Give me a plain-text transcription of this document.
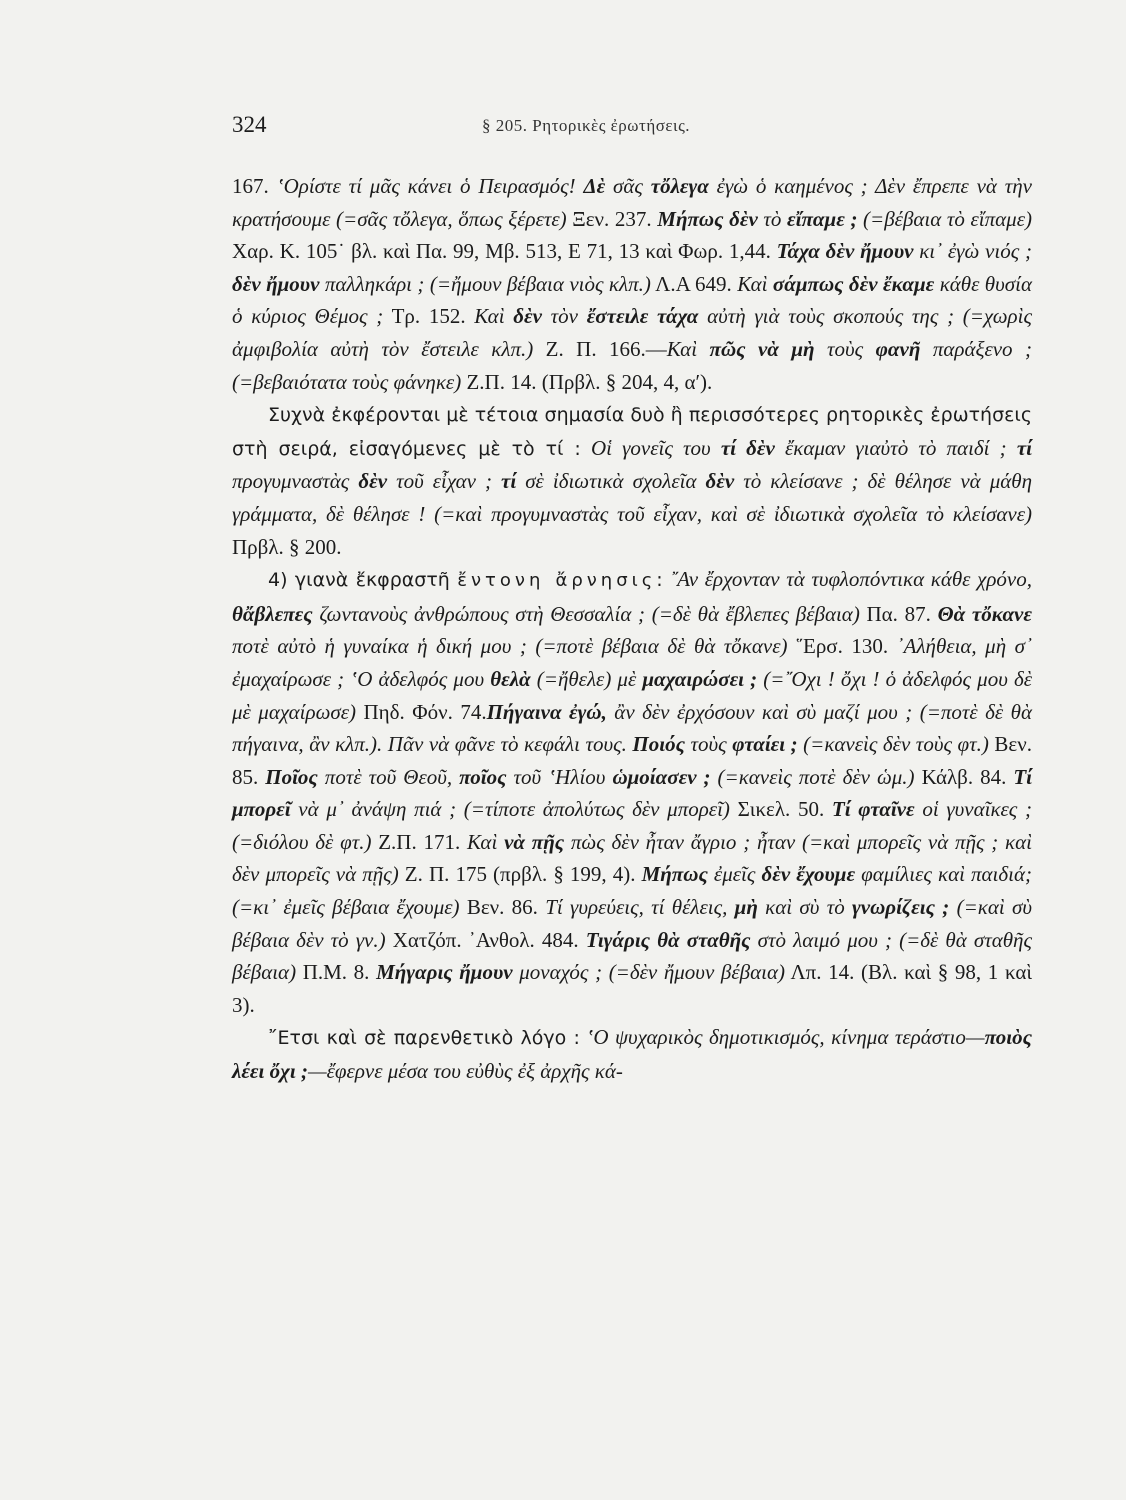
324	§ 205. Ρητορικὲς ἐρωτήσεις.

167. ʽΟρίστε τί μᾶς κάνει ὁ Πειρασμός! Δὲ σᾶς τὄλεγα ἐγὼ ὁ καημένος ; Δὲν ἔπρεπε νὰ τὴν κρατήσουμε (=σᾶς τὄλεγα, ὅπως ξέρετε) Ξεν. 237. Μήπως δὲν τὸ εἴπαμε ; (=βέβαια τὸ εἴπαμε) Χαρ. Κ. 105˙ βλ. καὶ Πα. 99, Μβ. 513, Ε 71, 13 καὶ Φωρ. 1,44. Τάχα δὲν ἤμουν κι᾽ ἐγὼ νιός ; δὲν ἤμουν παλληκάρι ; (=ἤμουν βέβαια νιὸς κλπ.) Λ.Α 649. Καὶ σάμπως δὲν ἔκαμε κάθε θυσία ὁ κύριος Θέμος ; Τρ. 152. Καὶ δὲν τὸν ἔστειλε τάχα αὐτὴ γιὰ τοὺς σκοπούς της ; (=χωρὶς ἀμφιβολία αὐτὴ τὸν ἔστειλε κλπ.) Ζ. Π. 166.—Καὶ πῶς νὰ μὴ τοὺς φανῆ παράξενο ; (=βεβαιότατα τοὺς φάνηκε) Ζ.Π. 14. (Πρβλ. § 204, 4, α′).

Συχνὰ ἐκφέρονται μὲ τέτοια σημασία δυὸ ἢ περισσότερες ρητορικὲς ἐρωτήσεις στὴ σειρά, εἰσαγόμενες μὲ τὸ τί : Οἱ γονεῖς του τί δὲν ἔκαμαν γιαὐτὸ τὸ παιδί ; τί προγυμναστὰς δὲν τοῦ εἶχαν ; τί σὲ ἰδιωτικὰ σχολεῖα δὲν τὸ κλείσανε ; δὲ θέλησε νὰ μάθη γράμματα, δὲ θέλησε ! (=καὶ προγυμναστὰς τοῦ εἶχαν, καὶ σὲ ἰδιωτικὰ σχολεῖα τὸ κλείσανε) Πρβλ. § 200.

4) γιανὰ ἔκφραστῆ ἔντονη ἄρνησις: ῎Αν ἔρχονταν τὰ τυφλοπόντικα κάθε χρόνο, θἄβλεπες ζωντανοὺς ἀνθρώπους στὴ Θεσσαλία ; (=δὲ θὰ ἔβλεπες βέβαια) Πα. 87. Θὰ τὄκανε ποτὲ αὐτὸ ἡ γυναίκα ἡ δική μου ; (=ποτὲ βέβαια δὲ θὰ τὄκανε) ῞Ερσ. 130. ᾿Αλήθεια, μὴ σ᾽ ἐμαχαίρωσε ; ʽΟ ἀδελφός μου θελὰ (=ἤθελε) μὲ μαχαιρώσει ; (=῎Οχι ! ὄχι ! ὁ ἀδελφός μου δὲ μὲ μαχαίρωσε) Πηδ. Φόν. 74.Πήγαινα ἐγώ, ἂν δὲν ἐρχόσουν καὶ σὺ μαζί μου ; (=ποτὲ δὲ θὰ πήγαινα, ἂν κλπ.). Πᾶν νὰ φᾶνε τὸ κεφάλι τους. Ποιός τοὺς φταίει ; (=κανεὶς δὲν τοὺς φτ.) Βεν. 85. Ποῖος ποτὲ τοῦ Θεοῦ, ποῖος τοῦ ʽΗλίου ὡμοίασεν ; (=κανεὶς ποτὲ δὲν ὡμ.) Κάλβ. 84. Τί μπορεῖ νὰ μ᾽ ἀνάψη πιά ; (=τίποτε ἀπολύτως δὲν μπορεῖ) Σικελ. 50. Τί φταῖνε οἱ γυναῖκες ; (=διόλου δὲ φτ.) Ζ.Π. 171. Καὶ νὰ πῇς πὼς δὲν ἦταν ἄγριο ; ἦταν (=καὶ μπορεῖς νὰ πῇς ; καὶ δὲν μπορεῖς νὰ πῇς) Ζ. Π. 175 (πρβλ. § 199, 4). Μήπως ἐμεῖς δὲν ἔχουμε φαμίλιες καὶ παιδιά; (=κι᾽ ἐμεῖς βέβαια ἔχουμε) Βεν. 86. Τί γυρεύεις, τί θέλεις, μὴ καὶ σὺ τὸ γνωρίζεις ; (=καὶ σὺ βέβαια δὲν τὸ γν.) Χατζόπ. ᾿Ανθολ. 484. Τιγάρις θὰ σταθῆς στὸ λαιμό μου ; (=δὲ θὰ σταθῆς βέβαια) Π.Μ. 8. Μήγαρις ἤμουν μοναχός ; (=δὲν ἤμουν βέβαια) Λπ. 14. (Βλ. καὶ § 98, 1 καὶ 3).

῎Ετσι καὶ σὲ παρενθετικὸ λόγο : ʽΟ ψυχαρικὸς δημοτικισμός, κίνημα τεράστιο—ποιὸς λέει ὄχι ;—ἔφερνε μέσα του εὐθὺς ἐξ ἀρχῆς κά-
